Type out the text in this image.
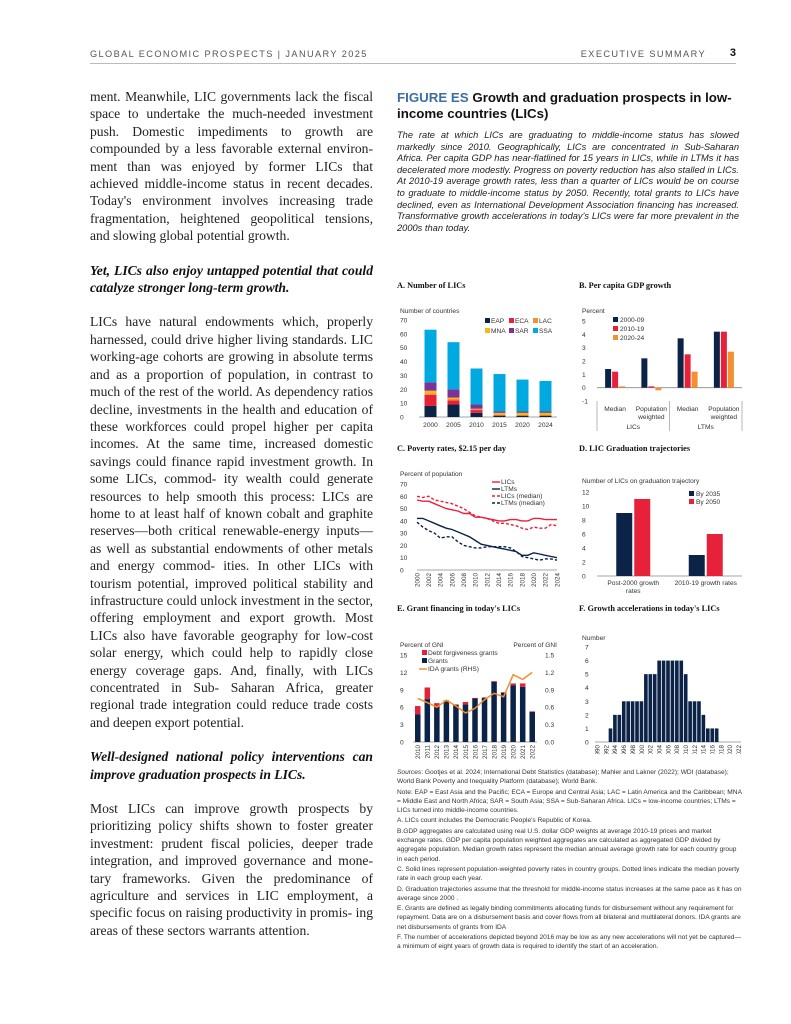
GLOBAL ECONOMIC PROSPECTS | JANUARY 2025	EXECUTIVE SUMMARY 3

ment. Meanwhile, LIC governments lack the fiscal space to undertake the much-needed investment push. Domestic impediments to growth are compounded by a less favorable external environ- ment than was enjoyed by former LICs that achieved middle-income status in recent decades. Today's environment involves increasing trade fragmentation, heightened geopolitical tensions, and slowing global potential growth.

Yet, LICs also enjoy untapped potential that could catalyze stronger long-term growth.

LICs have natural endowments which, properly harnessed, could drive higher living standards. LIC working-age cohorts are growing in absolute terms and as a proportion of population, in contrast to much of the rest of the world. As dependency ratios decline, investments in the health and education of these workforces could propel higher per capita incomes. At the same time, increased domestic savings could finance rapid investment growth. In some LICs, commod- ity wealth could generate resources to help smooth this process: LICs are home to at least half of known cobalt and graphite reserves—both critical renewable-energy inputs—as well as substantial endowments of other metals and energy commod- ities. In other LICs with tourism potential, improved political stability and infrastructure could unlock investment in the sector, offering employment and export growth. Most LICs also have favorable geography for low-cost solar energy, which could help to rapidly close energy coverage gaps. And, finally, with LICs concentrated in Sub- Saharan Africa, greater regional trade integration could reduce trade costs and deepen export potential.

Well-designed national policy interventions can improve graduation prospects in LICs.

Most LICs can improve growth prospects by prioritizing policy shifts shown to foster greater investment: prudent fiscal policies, deeper trade integration, and improved governance and mone- tary frameworks. Given the predominance of agriculture and services in LIC employment, a specific focus on raising productivity in promis- ing areas of these sectors warrants attention.

FIGURE ES Growth and graduation prospects in low-income countries (LICs)
The rate at which LICs are graduating to middle-income status has slowed markedly since 2010. Geographically, LICs are concentrated in Sub-Saharan Africa. Per capita GDP has near-flatlined for 15 years in LICs, while in LTMs it has decelerated more modestly. Progress on poverty reduction has also stalled in LICs. At 2010-19 average growth rates, less than a quarter of LICs would be on course to graduate to middle-income status by 2050. Recently, total grants to LICs have declined, even as International Development Association financing has increased. Transformative growth accelerations in today's LICs were far more prevalent in the 2000s than today.
A. Number of LICs
Number of countries
0
10
20
30
40
50
60
70
2000 2005 2010 2015 2020 2024
EAP ECA LAC
MNA SAR SSA
B. Per capita GDP growth
Percent
-1
0
1
2
3
4
5
Median Population
weighted
Median Population
weighted
LICs	LTMs
2000-09
2010-19
2020-24
C. Poverty rates, $2.15 per day
Percent of population
0
10
20
30
40
50
60
70
2000 2002 2004 2006 2008 2010 2012 2014 2016 2018 2020 2022 2024
LICs
LTMs
LICs (median)
LTMs (median)
D. LIC Graduation trajectories
Number of LICs on graduation trajectory
0
2
4
6
8
10
12
Post-2000 growth
rates
2010-19 growth rates
By 2035
By 2050
E. Grant financing in today's LICs
Percent of GNI	Percent of GNI
0
3
6
9
12
15
0.0
0.3
0.6
0.9
1.2
1.5
2010 2011 2012 2013 2014 2015 2016 2017 2018 2019 2020 2021 2022
Debt forgiveness grants
Grants
IDA grants (RHS)
F. Growth accelerations in today's LICs
Number
0
1
2
3
4
5
6
7
1990 1992 1994 1996 1998 2000 2002 2004 2006 2008 2010 2012 2014 2016 2018 2020 2022
Sources: Gootjes et al. 2024; International Debt Statistics (database); Mahler and Lakner (2022); WDI (database); World Bank Poverty and Inequality Platform (database); World Bank.
Note: EAP = East Asia and the Pacific; ECA = Europe and Central Asia; LAC = Latin America and the Caribbean; MNA = Middle East and North Africa; SAR = South Asia; SSA = Sub-Saharan Africa. LICs = low-income countries; LTMs = LICs turned into middle-income countries.
A. LICs count includes the Democratic People's Republic of Korea.
B.GDP aggregates are calculated using real U.S. dollar GDP weights at average 2010-19 prices and market exchange rates. GDP per capita population weighted aggregates are calculated as aggregated GDP divided by aggregate population. Median growth rates represent the median annual average growth rate for each country group in each period.
C. Solid lines represent population-weighted poverty rates in country groups. Dotted lines indicate the median poverty rate in each group each year.
D. Graduation trajectories assume that the threshold for middle-income status increases at the same pace as it has on average since 2000 .
E. Grants are defined as legally binding commitments allocating funds for disbursement without any requirement for repayment. Data are on a disbursement basis and cover flows from all bilateral and multilateral donors. IDA grants are net disbursements of grants from IDA
F. The number of accelerations depicted beyond 2016 may be low as any new accelerations will not yet be captured—a minimum of eight years of growth data is required to identify the start of an acceleration.
